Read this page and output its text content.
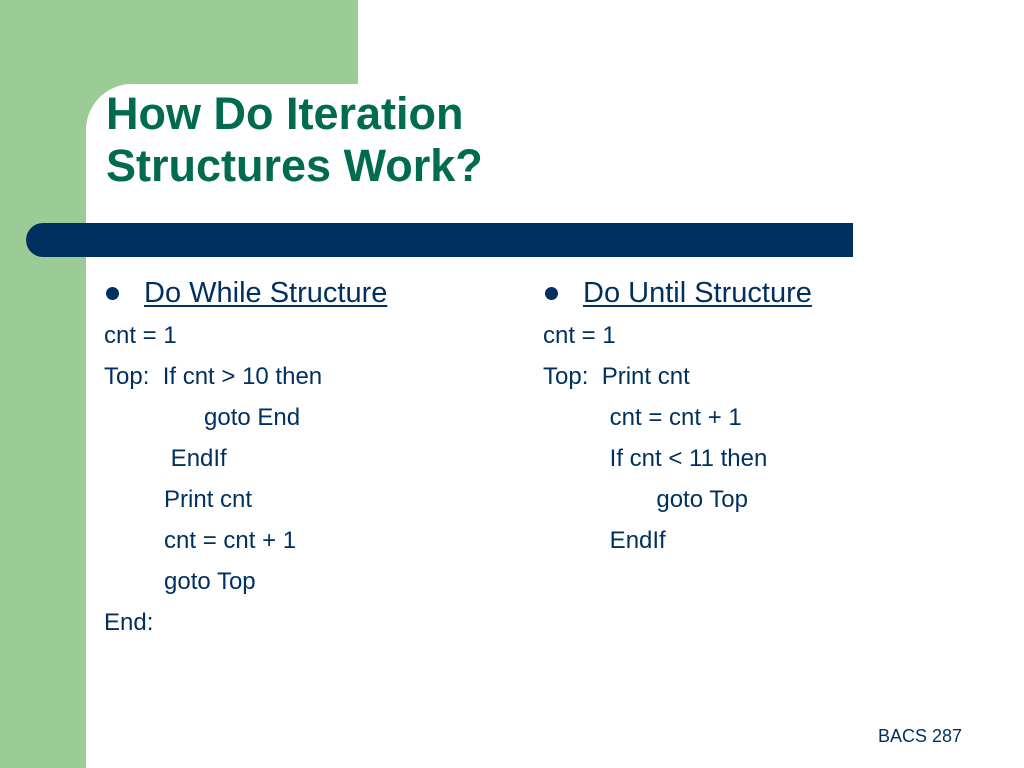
How Do Iteration
Structures Work?
Do While Structure
cnt = 1
Top:  If cnt > 10 then
goto End
EndIf
Print cnt
cnt = cnt + 1
goto Top
End:
Do Until Structure
cnt = 1
Top:  Print cnt
cnt = cnt + 1
If cnt < 11 then
goto Top
EndIf
BACS 287
